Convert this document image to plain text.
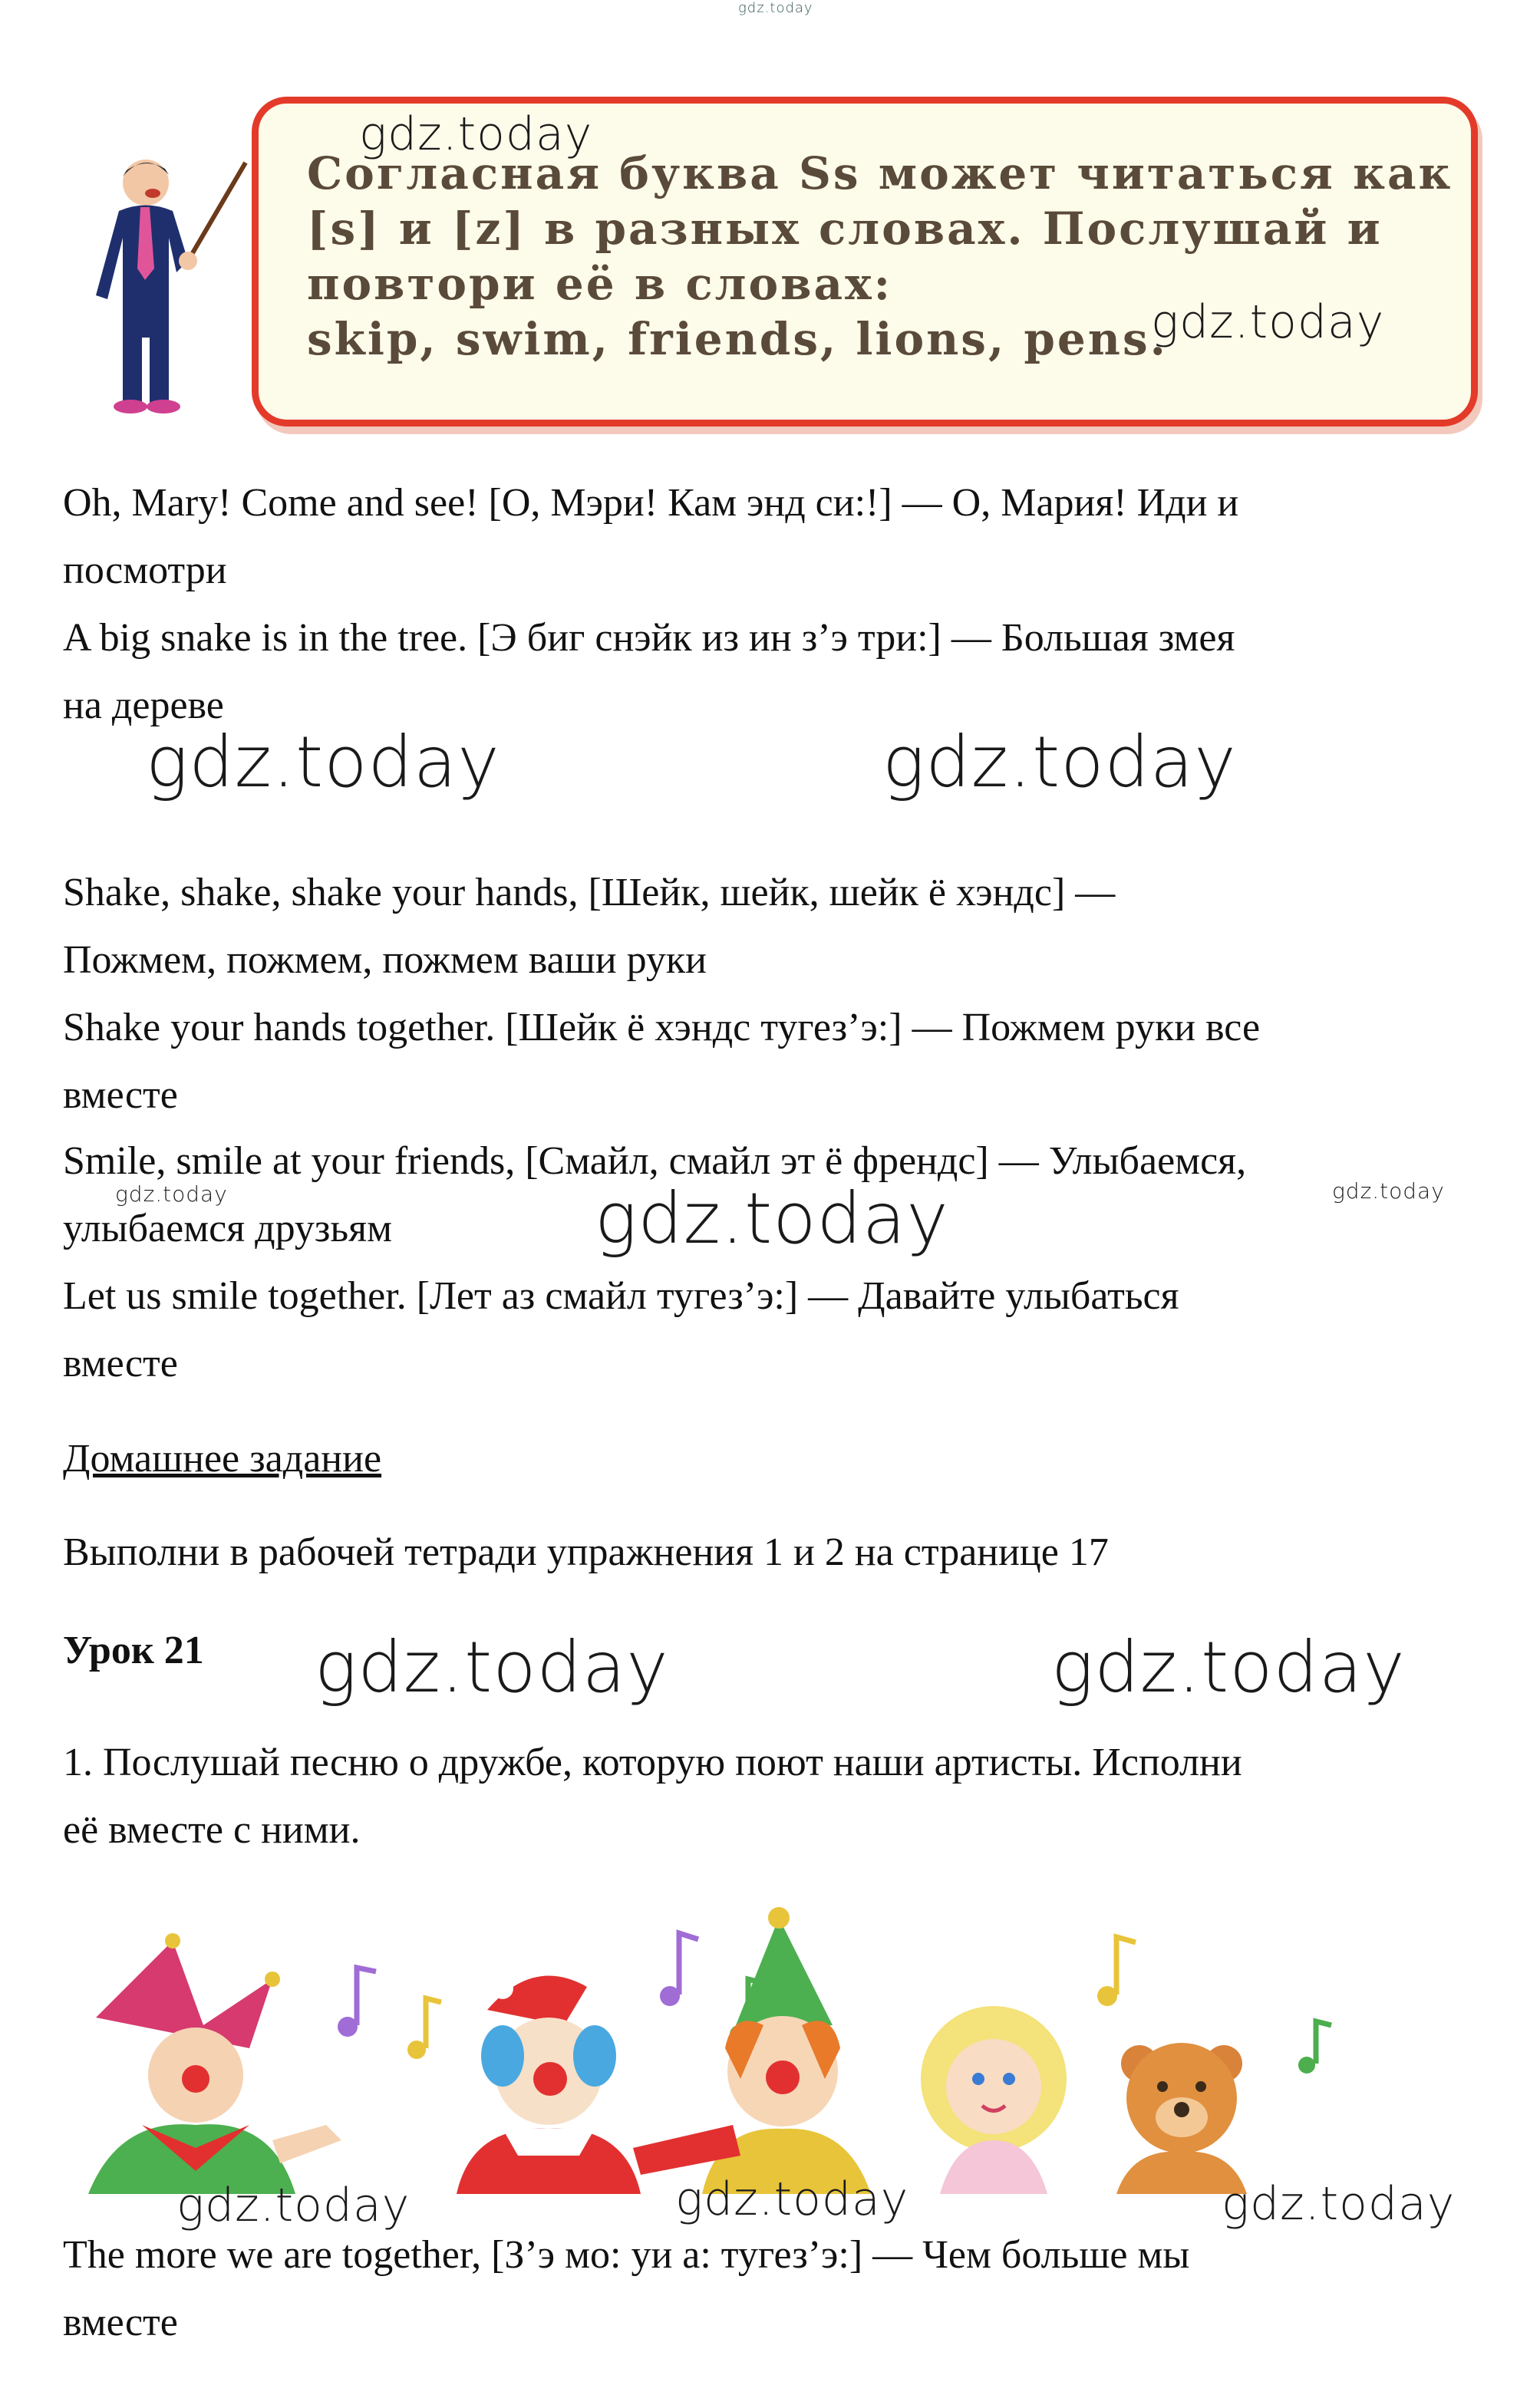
gdz.today
Согласная буква Ss может читаться как
[s] и [z] в разных словах. Послушай и
повтори её в словах:
skip, swim, friends, lions, pens.
gdz.today
gdz.today
Oh, Mary! Come and see! [О, Мэри! Кам энд си:!] — О, Мария! Иди и
посмотри
A big snake is in the tree. [Э биг снэйк из ин з’э три:] — Большая змея
на дереве
gdz.today	gdz.today
Shake, shake, shake your hands, [Шейк, шейк, шейк ё хэндс] —
Пожмем, пожмем, пожмем ваши руки
Shake your hands together. [Шейк ё хэндс тугез’э:] — Пожмем руки все
вместе
Smile, smile at your friends, [Смайл, смайл эт ё френдс] — Улыбаемся,
gdz.today	gdz.today
улыбаемся друзьям	gdz.today
Let us smile together. [Лет аз смайл тугез’э:] — Давайте улыбаться
вместе
Домашнее задание
Выполни в рабочей тетради упражнения 1 и 2 на странице 17
Урок 21 gdz.today	gdz.today
1. Послушай песню о дружбе, которую поют наши артисты. Исполни
её вместе с ними.
gdz.today	gdz.today	gdz.today
The more we are together, [З’э мо: уи а: тугез’э:] — Чем больше мы
вместе
